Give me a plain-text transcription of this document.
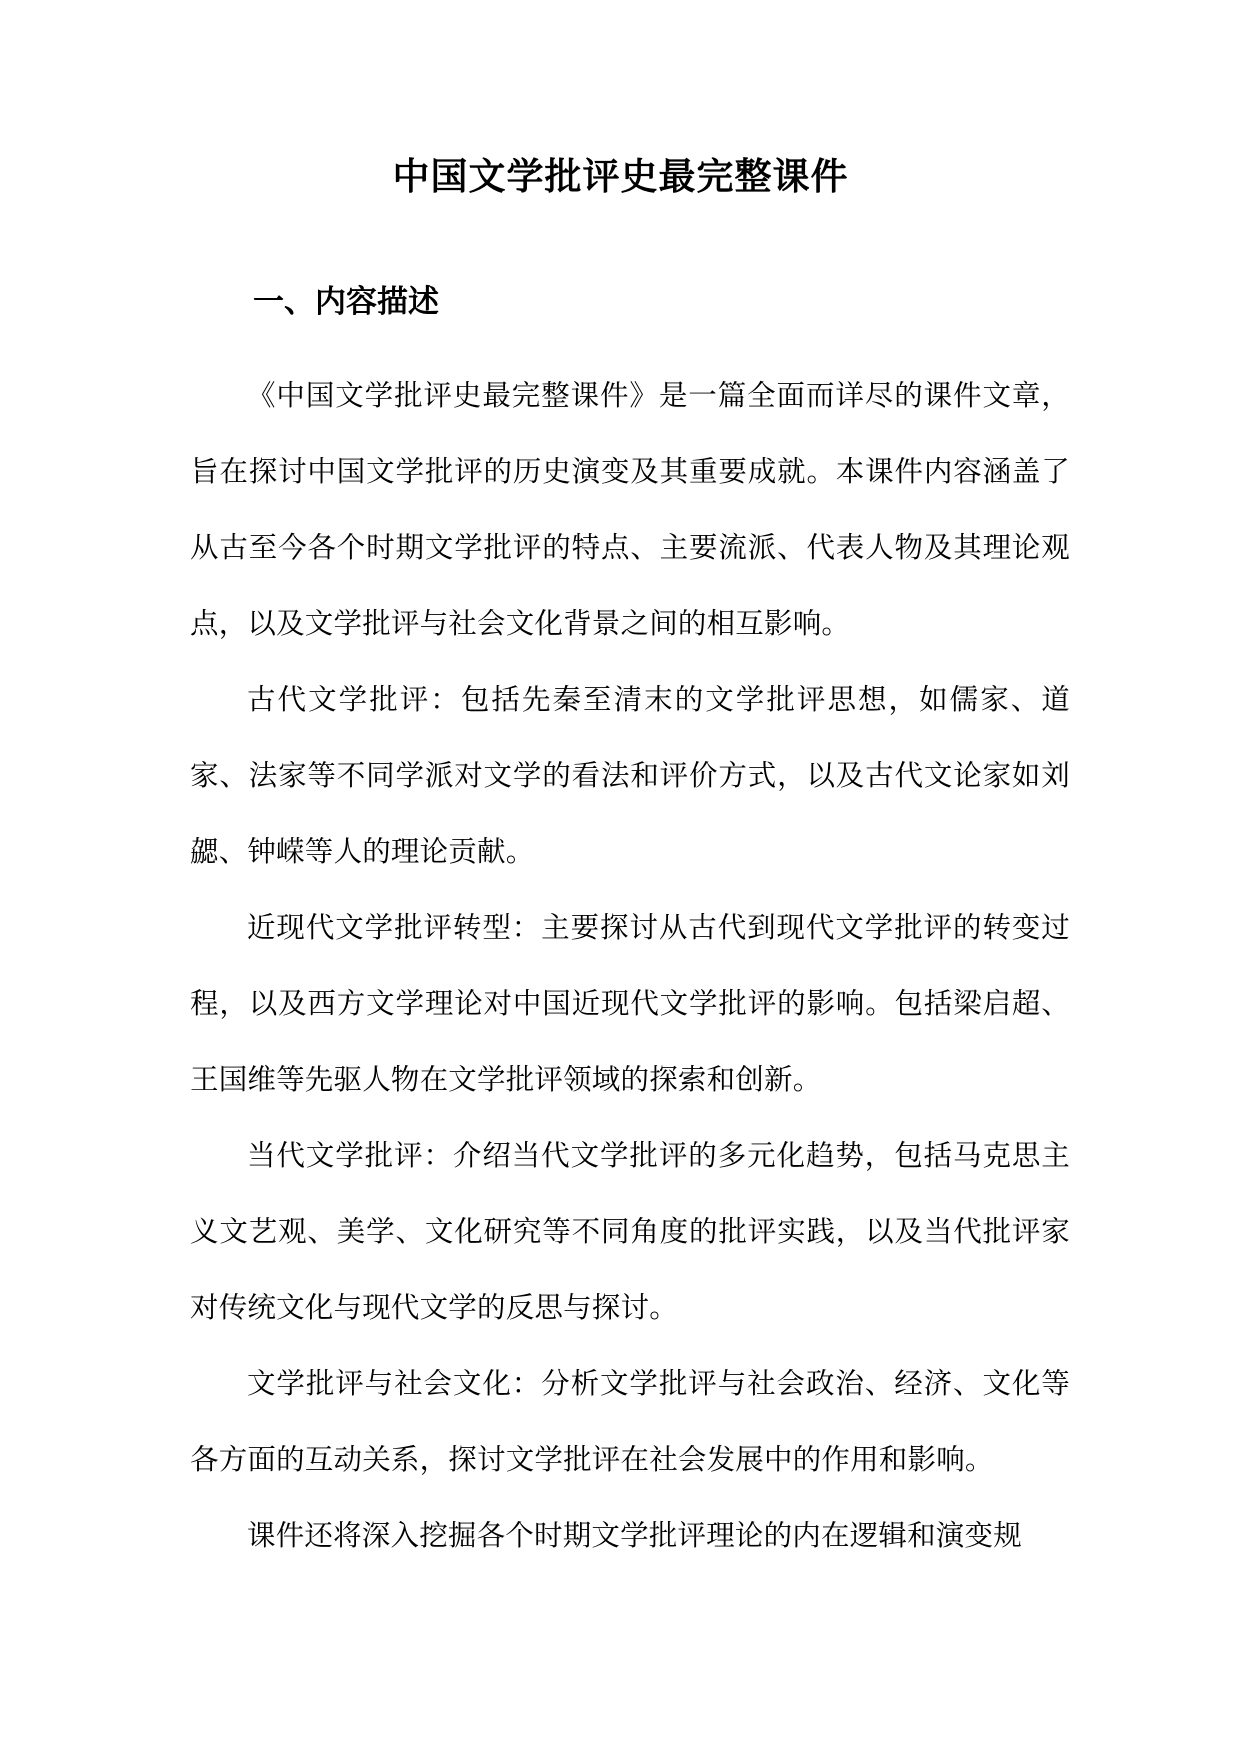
中国文学批评史最完整课件
一、内容描述

《中国文学批评史最完整课件》是一篇全面而详尽的课件文章，旨在探讨中国文学批评的历史演变及其重要成就。本课件内容涵盖了从古至今各个时期文学批评的特点、主要流派、代表人物及其理论观点，以及文学批评与社会文化背景之间的相互影响。

古代文学批评：包括先秦至清末的文学批评思想，如儒家、道家、法家等不同学派对文学的看法和评价方式，以及古代文论家如刘勰、钟嵘等人的理论贡献。

近现代文学批评转型：主要探讨从古代到现代文学批评的转变过程，以及西方文学理论对中国近现代文学批评的影响。包括梁启超、王国维等先驱人物在文学批评领域的探索和创新。

当代文学批评：介绍当代文学批评的多元化趋势，包括马克思主义文艺观、美学、文化研究等不同角度的批评实践，以及当代批评家对传统文化与现代文学的反思与探讨。

文学批评与社会文化：分析文学批评与社会政治、经济、文化等各方面的互动关系，探讨文学批评在社会发展中的作用和影响。

课件还将深入挖掘各个时期文学批评理论的内在逻辑和演变规
